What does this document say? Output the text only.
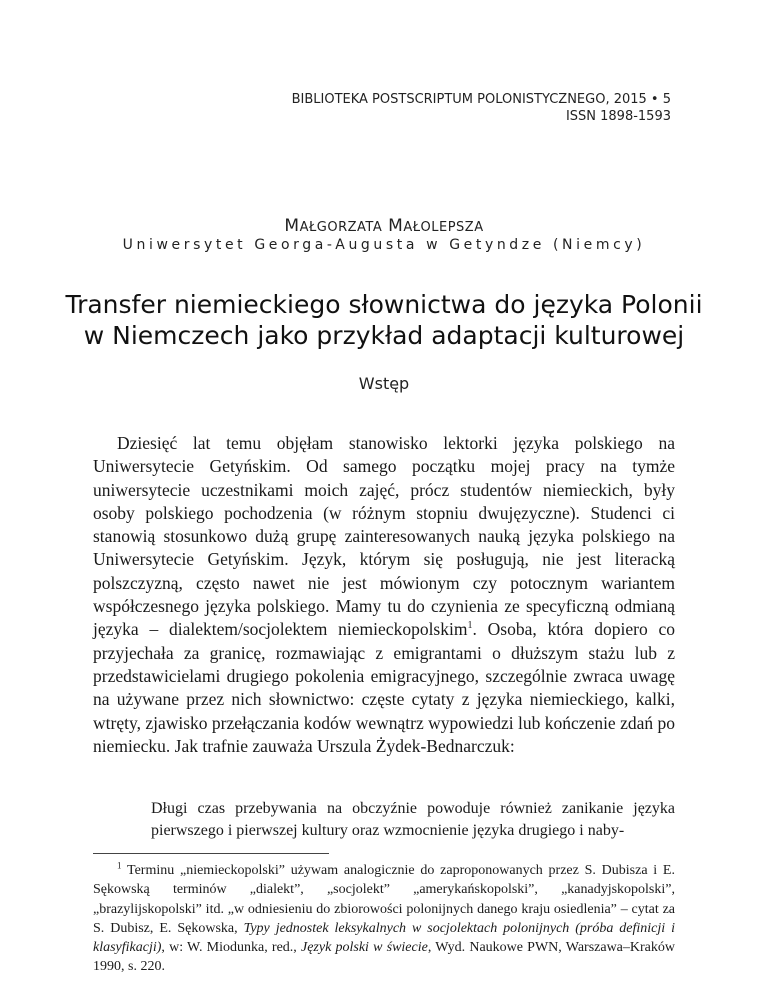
BIBLIOTEKA POSTSCRIPTUM POLONISTYCZNEGO, 2015 • 5
ISSN 1898-1593
MAŁGORZATA MAŁOLEPSZA
Uniwersytet Georga-Augusta w Getyndze (Niemcy)
Transfer niemieckiego słownictwa do języka Polonii
w Niemczech jako przykład adaptacji kulturowej
Wstęp

Dziesięć lat temu objęłam stanowisko lektorki języka polskiego na Uniwersytecie Getyńskim. Od samego początku mojej pracy na tymże uniwersytecie uczestnikami moich zajęć, prócz studentów niemieckich, były osoby polskiego pochodzenia (w różnym stopniu dwujęzyczne). Studenci ci stanowią stosunkowo dużą grupę zainteresowanych nauką języka polskiego na Uniwersytecie Getyńskim. Język, którym się posługują, nie jest literacką polszczyzną, często nawet nie jest mówionym czy potocznym wariantem współczesnego języka polskiego. Mamy tu do czynienia ze specyficzną odmianą języka – dialektem/socjolektem niemieckopolskim$^1$. Osoba, która dopiero co przyjechała za granicę, rozmawiając z emigrantami o dłuższym stażu lub z przedstawicielami drugiego pokolenia emigracyjnego, szczególnie zwraca uwagę na używane przez nich słownictwo: częste cytaty z języka niemieckiego, kalki, wtręty, zjawisko przełączania kodów wewnątrz wypowiedzi lub kończenie zdań po niemiecku. Jak trafnie zauważa Urszula Żydek-Bednarczuk:

Długi czas przebywania na obczyźnie powoduje również zanikanie języka pierwszego i pierwszej kultury oraz wzmocnienie języka drugiego i naby-
$^1$ Terminu „niemieckopolski” używam analogicznie do zaproponowanych przez S. Dubisza i E. Sękowską terminów „dialekt”, „socjolekt” „amerykańskopolski”, „kanadyjskopolski”, „brazylijskopolski” itd. „w odniesieniu do zbiorowości polonijnych danego kraju osiedlenia” – cytat za S. Dubisz, E. Sękowska, Typy jednostek leksykalnych w socjolektach polonijnych (próba definicji i klasyfikacji), w: W. Miodunka, red., Język polski w świecie, Wyd. Naukowe PWN, Warszawa–Kraków 1990, s. 220.
